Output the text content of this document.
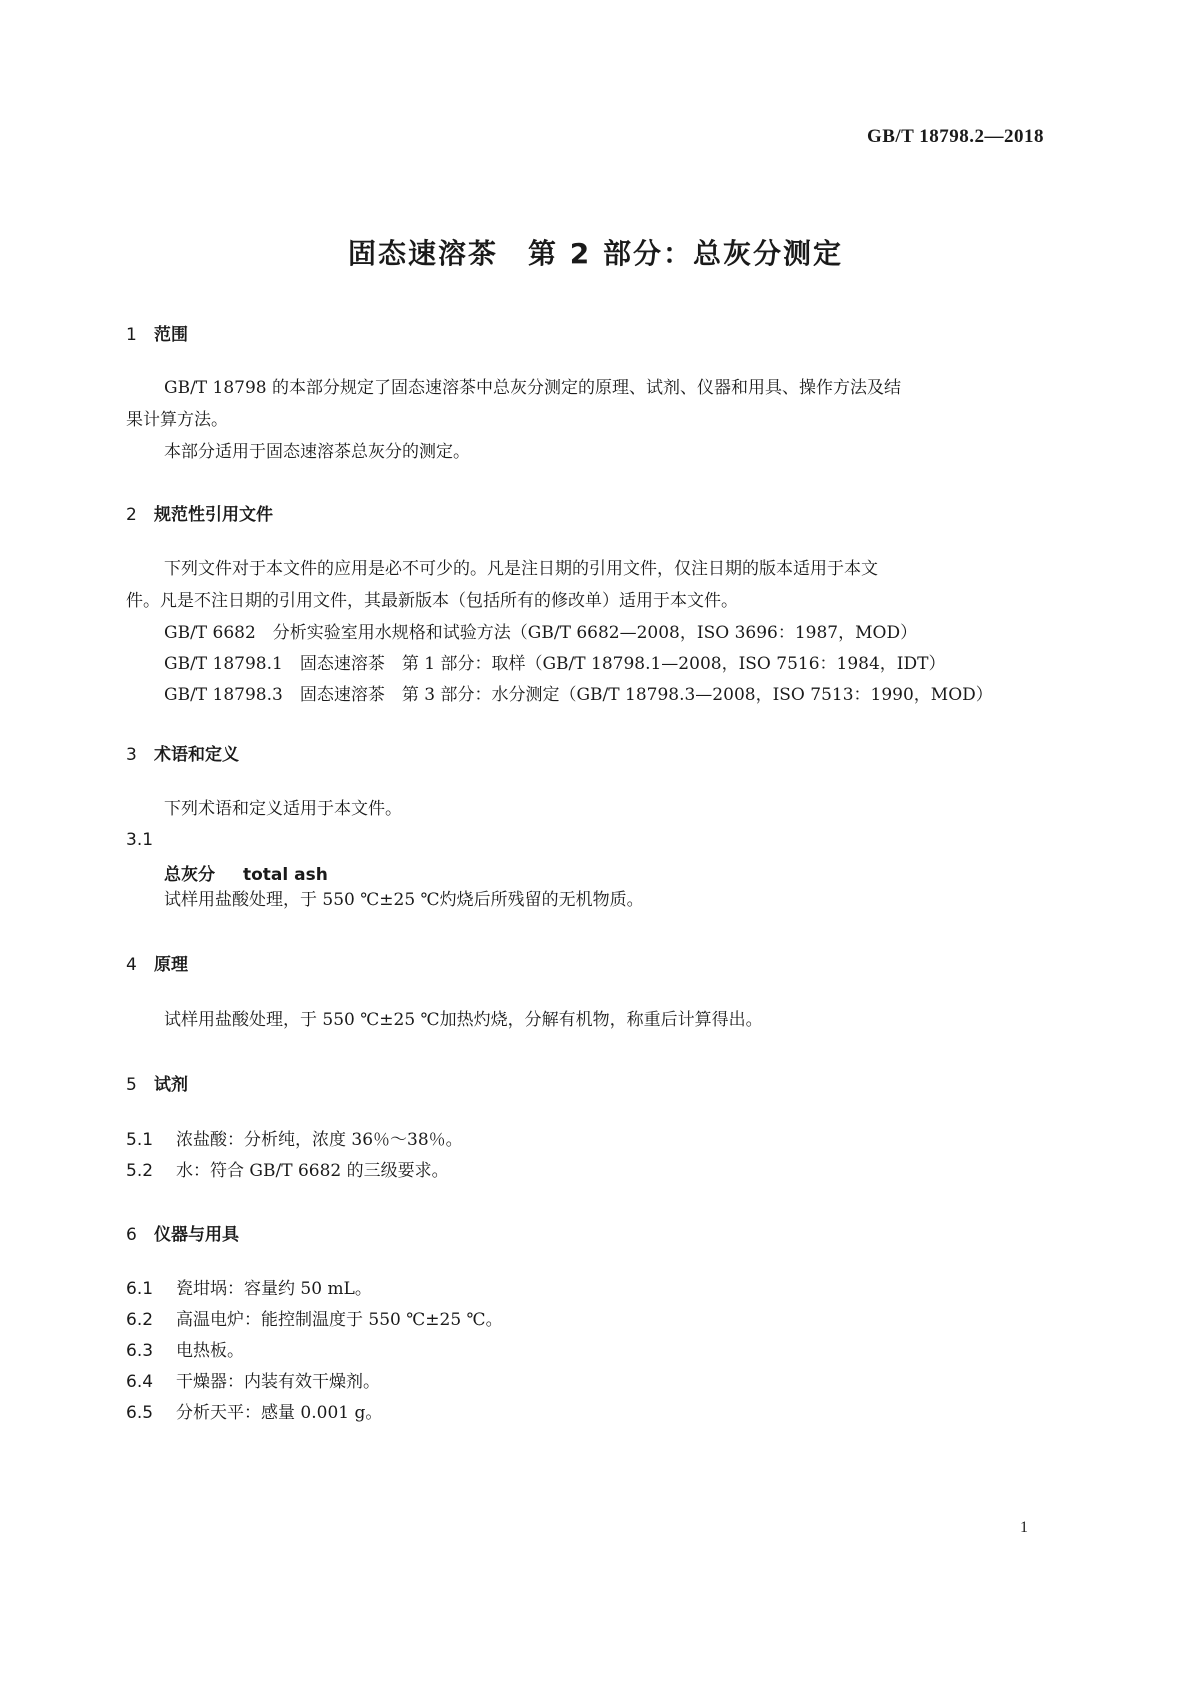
GB/T 18798.2—2018
固态速溶茶　第 2 部分：总灰分测定
1 范围
GB/T 18798 的本部分规定了固态速溶茶中总灰分测定的原理、试剂、仪器和用具、操作方法及结
果计算方法。
本部分适用于固态速溶茶总灰分的测定。
2 规范性引用文件
下列文件对于本文件的应用是必不可少的。凡是注日期的引用文件，仅注日期的版本适用于本文
件。凡是不注日期的引用文件，其最新版本（包括所有的修改单）适用于本文件。
GB/T 6682　分析实验室用水规格和试验方法（GB/T 6682—2008，ISO 3696：1987，MOD）
GB/T 18798.1　固态速溶茶　第 1 部分：取样（GB/T 18798.1—2008，ISO 7516：1984，IDT）
GB/T 18798.3　固态速溶茶　第 3 部分：水分测定（GB/T 18798.3—2008，ISO 7513：1990，MOD）
3 术语和定义
下列术语和定义适用于本文件。
3.1
总灰分 total ash
试样用盐酸处理，于 550 ℃±25 ℃灼烧后所残留的无机物质。
4 原理
试样用盐酸处理，于 550 ℃±25 ℃加热灼烧，分解有机物，称重后计算得出。
5 试剂
5.1 浓盐酸：分析纯，浓度 36％～38％。
5.2 水：符合 GB/T 6682 的三级要求。
6 仪器与用具
6.1 瓷坩埚：容量约 50 mL。
6.2 高温电炉：能控制温度于 550 ℃±25 ℃。
6.3 电热板。
6.4 干燥器：内装有效干燥剂。
6.5 分析天平：感量 0.001 g。
1
